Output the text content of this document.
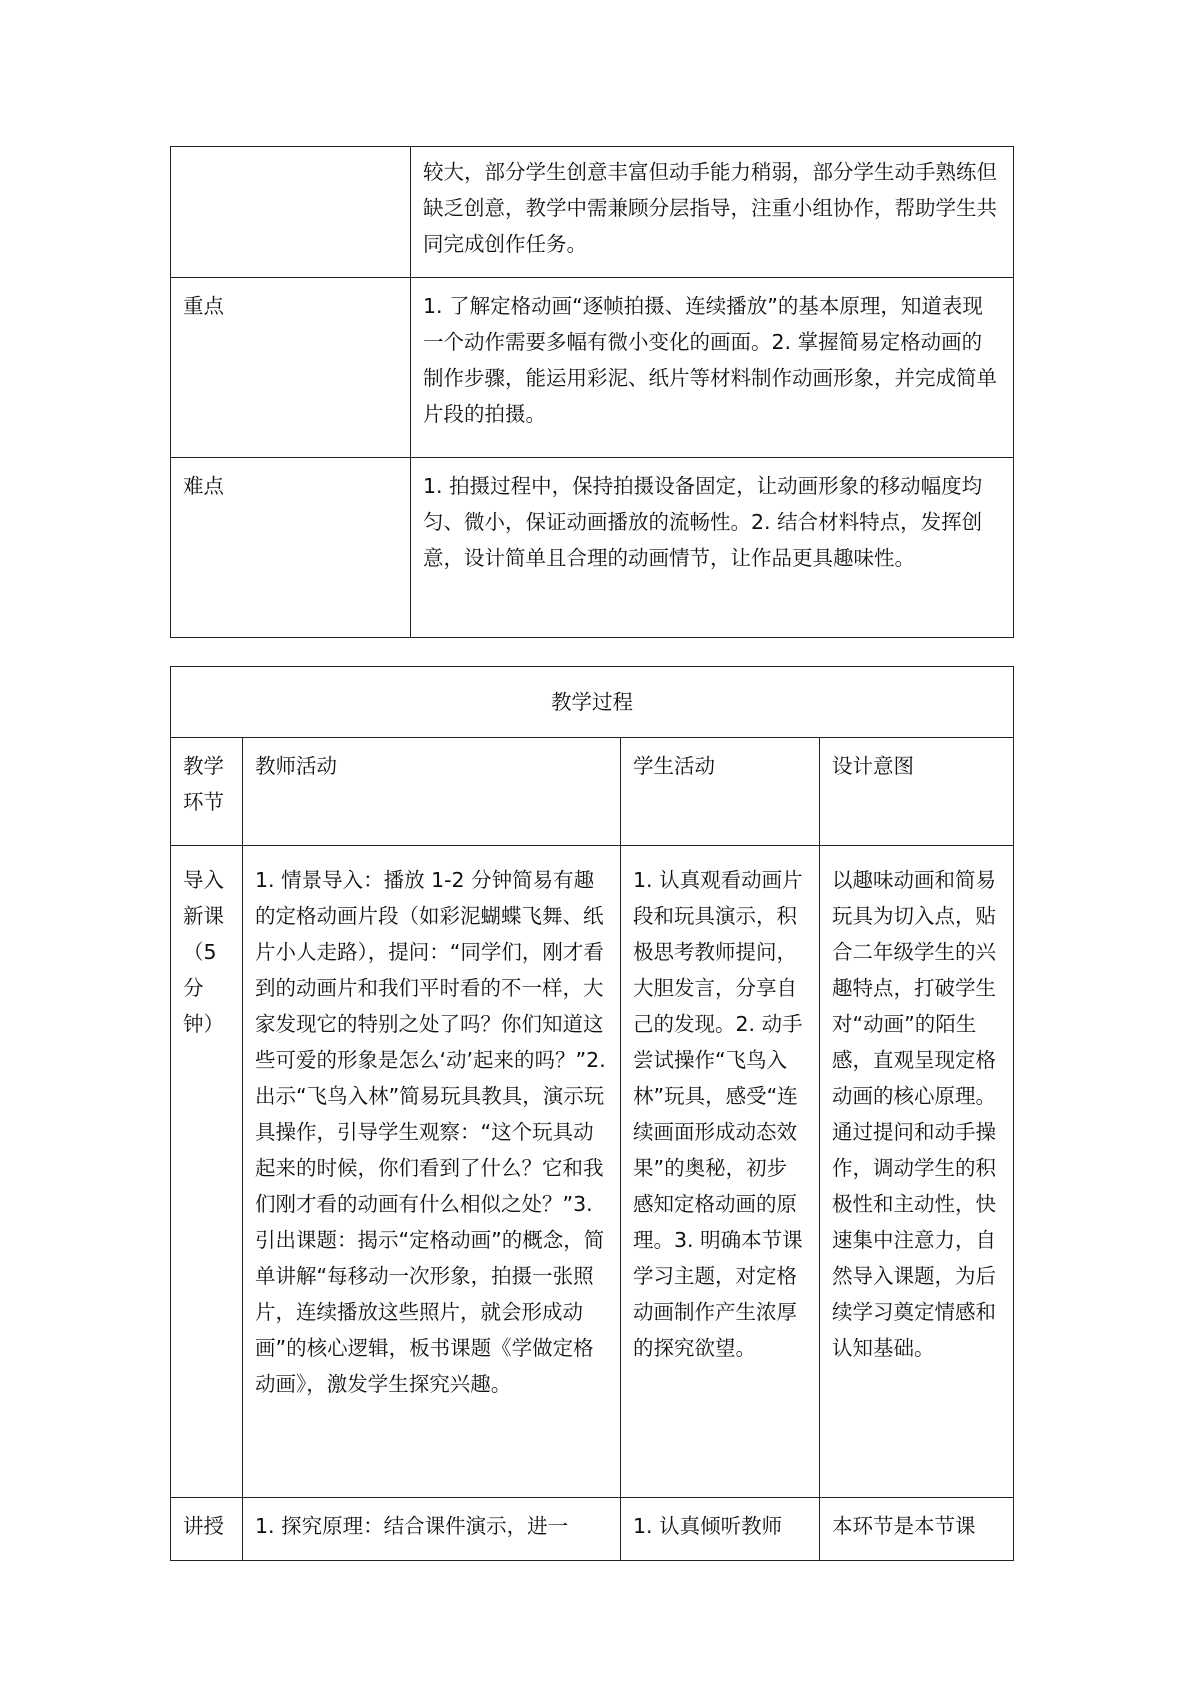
	较大，部分学生创意丰富但动手能力稍弱，部分学生动手熟练但缺乏创意，教学中需兼顾分层指导，注重小组协作，帮助学生共同完成创作任务。
重点	1. 了解定格动画“逐帧拍摄、连续播放”的基本原理，知道表现一个动作需要多幅有微小变化的画面。2. 掌握简易定格动画的制作步骤，能运用彩泥、纸片等材料制作动画形象，并完成简单片段的拍摄。
难点	1. 拍摄过程中，保持拍摄设备固定，让动画形象的移动幅度均匀、微小，保证动画播放的流畅性。2. 结合材料特点，发挥创意，设计简单且合理的动画情节，让作品更具趣味性。
教学过程			
教学环节	教师活动	学生活动	设计意图
导入新课（5分钟）	1. 情景导入：播放 1-2 分钟简易有趣的定格动画片段（如彩泥蝴蝶飞舞、纸片小人走路），提问：“同学们，刚才看到的动画片和我们平时看的不一样，大家发现它的特别之处了吗？你们知道这些可爱的形象是怎么‘动’起来的吗？”2. 出示“飞鸟入林”简易玩具教具，演示玩具操作，引导学生观察：“这个玩具动起来的时候，你们看到了什么？它和我们刚才看的动画有什么相似之处？”3. 引出课题：揭示“定格动画”的概念，简单讲解“每移动一次形象，拍摄一张照片，连续播放这些照片，就会形成动画”的核心逻辑，板书课题《学做定格动画》，激发学生探究兴趣。	1. 认真观看动画片段和玩具演示，积极思考教师提问，大胆发言，分享自己的发现。2. 动手尝试操作“飞鸟入林”玩具，感受“连续画面形成动态效果”的奥秘，初步感知定格动画的原理。3. 明确本节课学习主题，对定格动画制作产生浓厚的探究欲望。	以趣味动画和简易玩具为切入点，贴合二年级学生的兴趣特点，打破学生对“动画”的陌生感，直观呈现定格动画的核心原理。通过提问和动手操作，调动学生的积极性和主动性，快速集中注意力，自然导入课题，为后续学习奠定情感和认知基础。

讲授	1. 探究原理：结合课件演示，进一	1. 认真倾听教师	本环节是本节课
